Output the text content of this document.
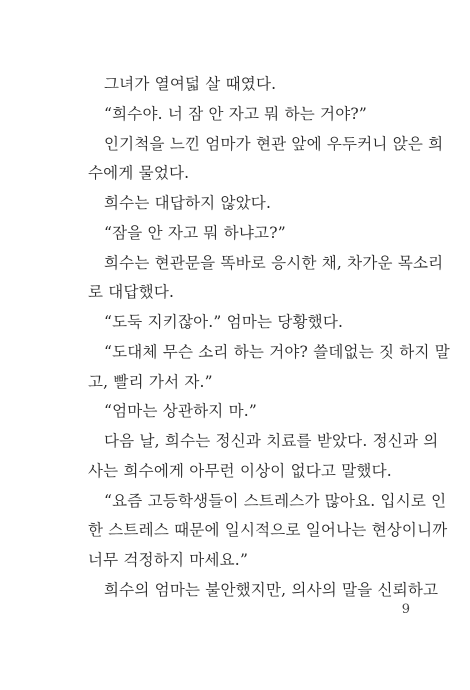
그녀가 열여덟 살 때였다.
“희수야. 너 잠 안 자고 뭐 하는 거야?”
인기척을 느낀 엄마가 현관 앞에 우두커니 앉은 희
수에게 물었다.
희수는 대답하지 않았다.
“잠을 안 자고 뭐 하냐고?”
희수는 현관문을 똑바로 응시한 채, 차가운 목소리
로 대답했다.
“도둑 지키잖아.” 엄마는 당황했다.
“도대체 무슨 소리 하는 거야? 쓸데없는 짓 하지 말
고, 빨리 가서 자.”
“엄마는 상관하지 마.”
다음 날, 희수는 정신과 치료를 받았다. 정신과 의
사는 희수에게 아무런 이상이 없다고 말했다.
“요즘 고등학생들이 스트레스가 많아요. 입시로 인
한 스트레스 때문에 일시적으로 일어나는 현상이니까
너무 걱정하지 마세요.”
희수의 엄마는 불안했지만, 의사의 말을 신뢰하고
9
